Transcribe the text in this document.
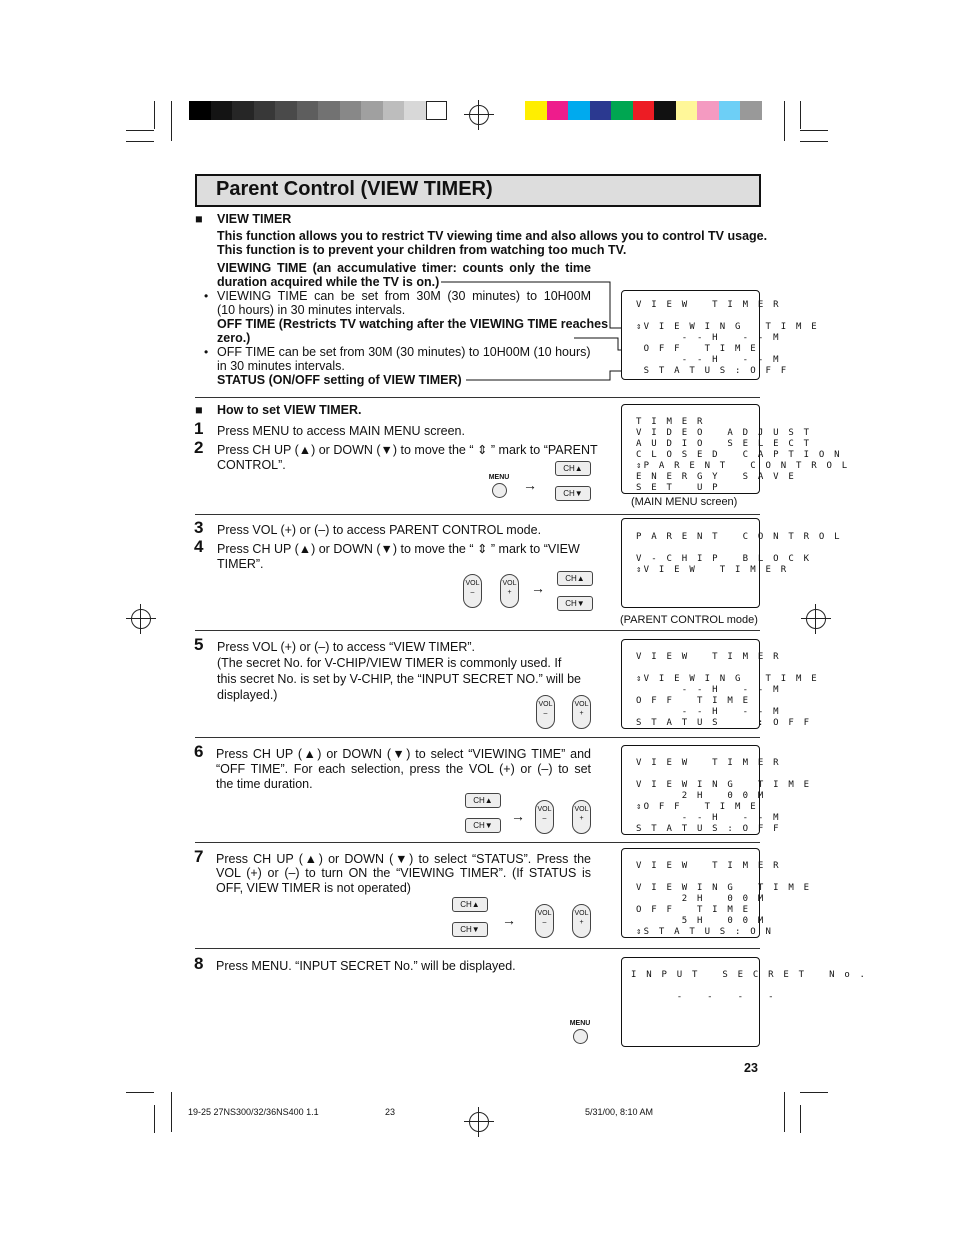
Parent Control (VIEW TIMER)
■ VIEW TIMER
This function allows you to restrict TV viewing time and also allows you to control TV usage.
This function is to prevent your children from watching too much TV.
VIEWING TIME (an accumulative timer: counts only the time
duration acquired while the TV is on.)
• VIEWING TIME can be set from 30M (30 minutes) to 10H00M
(10 hours) in 30 minutes intervals.
OFF TIME (Restricts TV watching after the VIEWING TIME reaches
zero.)
• OFF TIME can be set from 30M (30 minutes) to 10H00M (10 hours)
in 30 minutes intervals.
STATUS (ON/OFF setting of VIEW TIMER)
V I E W   T I M E R

⇕V I E W I N G   T I M E
- - H   - - M
O F F   T I M E
- - H   - - M
S T A T U S : O F F
■ How to set VIEW TIMER.
1 Press MENU to access MAIN MENU screen.
2 Press CH UP (▲) or DOWN (▼) to move the “ ⇕ ” mark to “PARENT
CONTROL”.
MENU →
CH▲
CH▼
T I M E R
V I D E O   A D J U S T
A U D I O   S E L E C T
C L O S E D   C A P T I O N
⇕P A R E N T   C O N T R O L
E N E R G Y   S A V E
S E T   U P
(MAIN MENU screen)
3 Press VOL (+) or (–) to access PARENT CONTROL mode.
4 Press CH UP (▲) or DOWN (▼) to move the “ ⇕ ” mark to “VIEW
TIMER”.
VOL
–
VOL
+	→
CH▲
CH▼
P A R E N T   C O N T R O L

V - C H I P   B L O C K
⇕V I E W   T I M E R
(PARENT CONTROL mode)
5 Press VOL (+) or (–) to access “VIEW TIMER”.
(The secret No. for V-CHIP/VIEW TIMER is commonly used. If
this secret No. is set by V-CHIP, the “INPUT SECRET NO.” will be
displayed.)
VOL
–
VOL
+
V I E W   T I M E R

⇕V I E W I N G   T I M E
- - H   - - M
O F F   T I M E
- - H   - - M
S T A T U S     : O F F
6 Press CH UP (▲) or DOWN (▼) to select “VIEWING TIME” and
“OFF TIME”. For each selection, press the VOL (+) or (–) to set
the time duration.
CH▲
CH▼
→	VOL
–
VOL
+
V I E W   T I M E R

V I E W I N G   T I M E
2 H   0 0 M
⇕O F F   T I M E
- - H   - - M
S T A T U S : O F F
7 Press CH UP (▲) or DOWN (▼) to select “STATUS”. Press the
VOL (+) or (–) to turn ON the “VIEWING TIMER”. (If STATUS is
OFF, VIEW TIMER is not operated)
CH▲
CH▼
→	VOL
–
VOL
+
V I E W   T I M E R

V I E W I N G   T I M E
2 H   0 0 M
O F F   T I M E
5 H   0 0 M
⇕S T A T U S : O N
8 Press MENU. “INPUT SECRET No.” will be displayed.
MENU
I N P U T   S E C R E T   N o .

-   -   -   -
23
19-25 27NS300/32/36NS400 1.1	23	5/31/00, 8:10 AM
